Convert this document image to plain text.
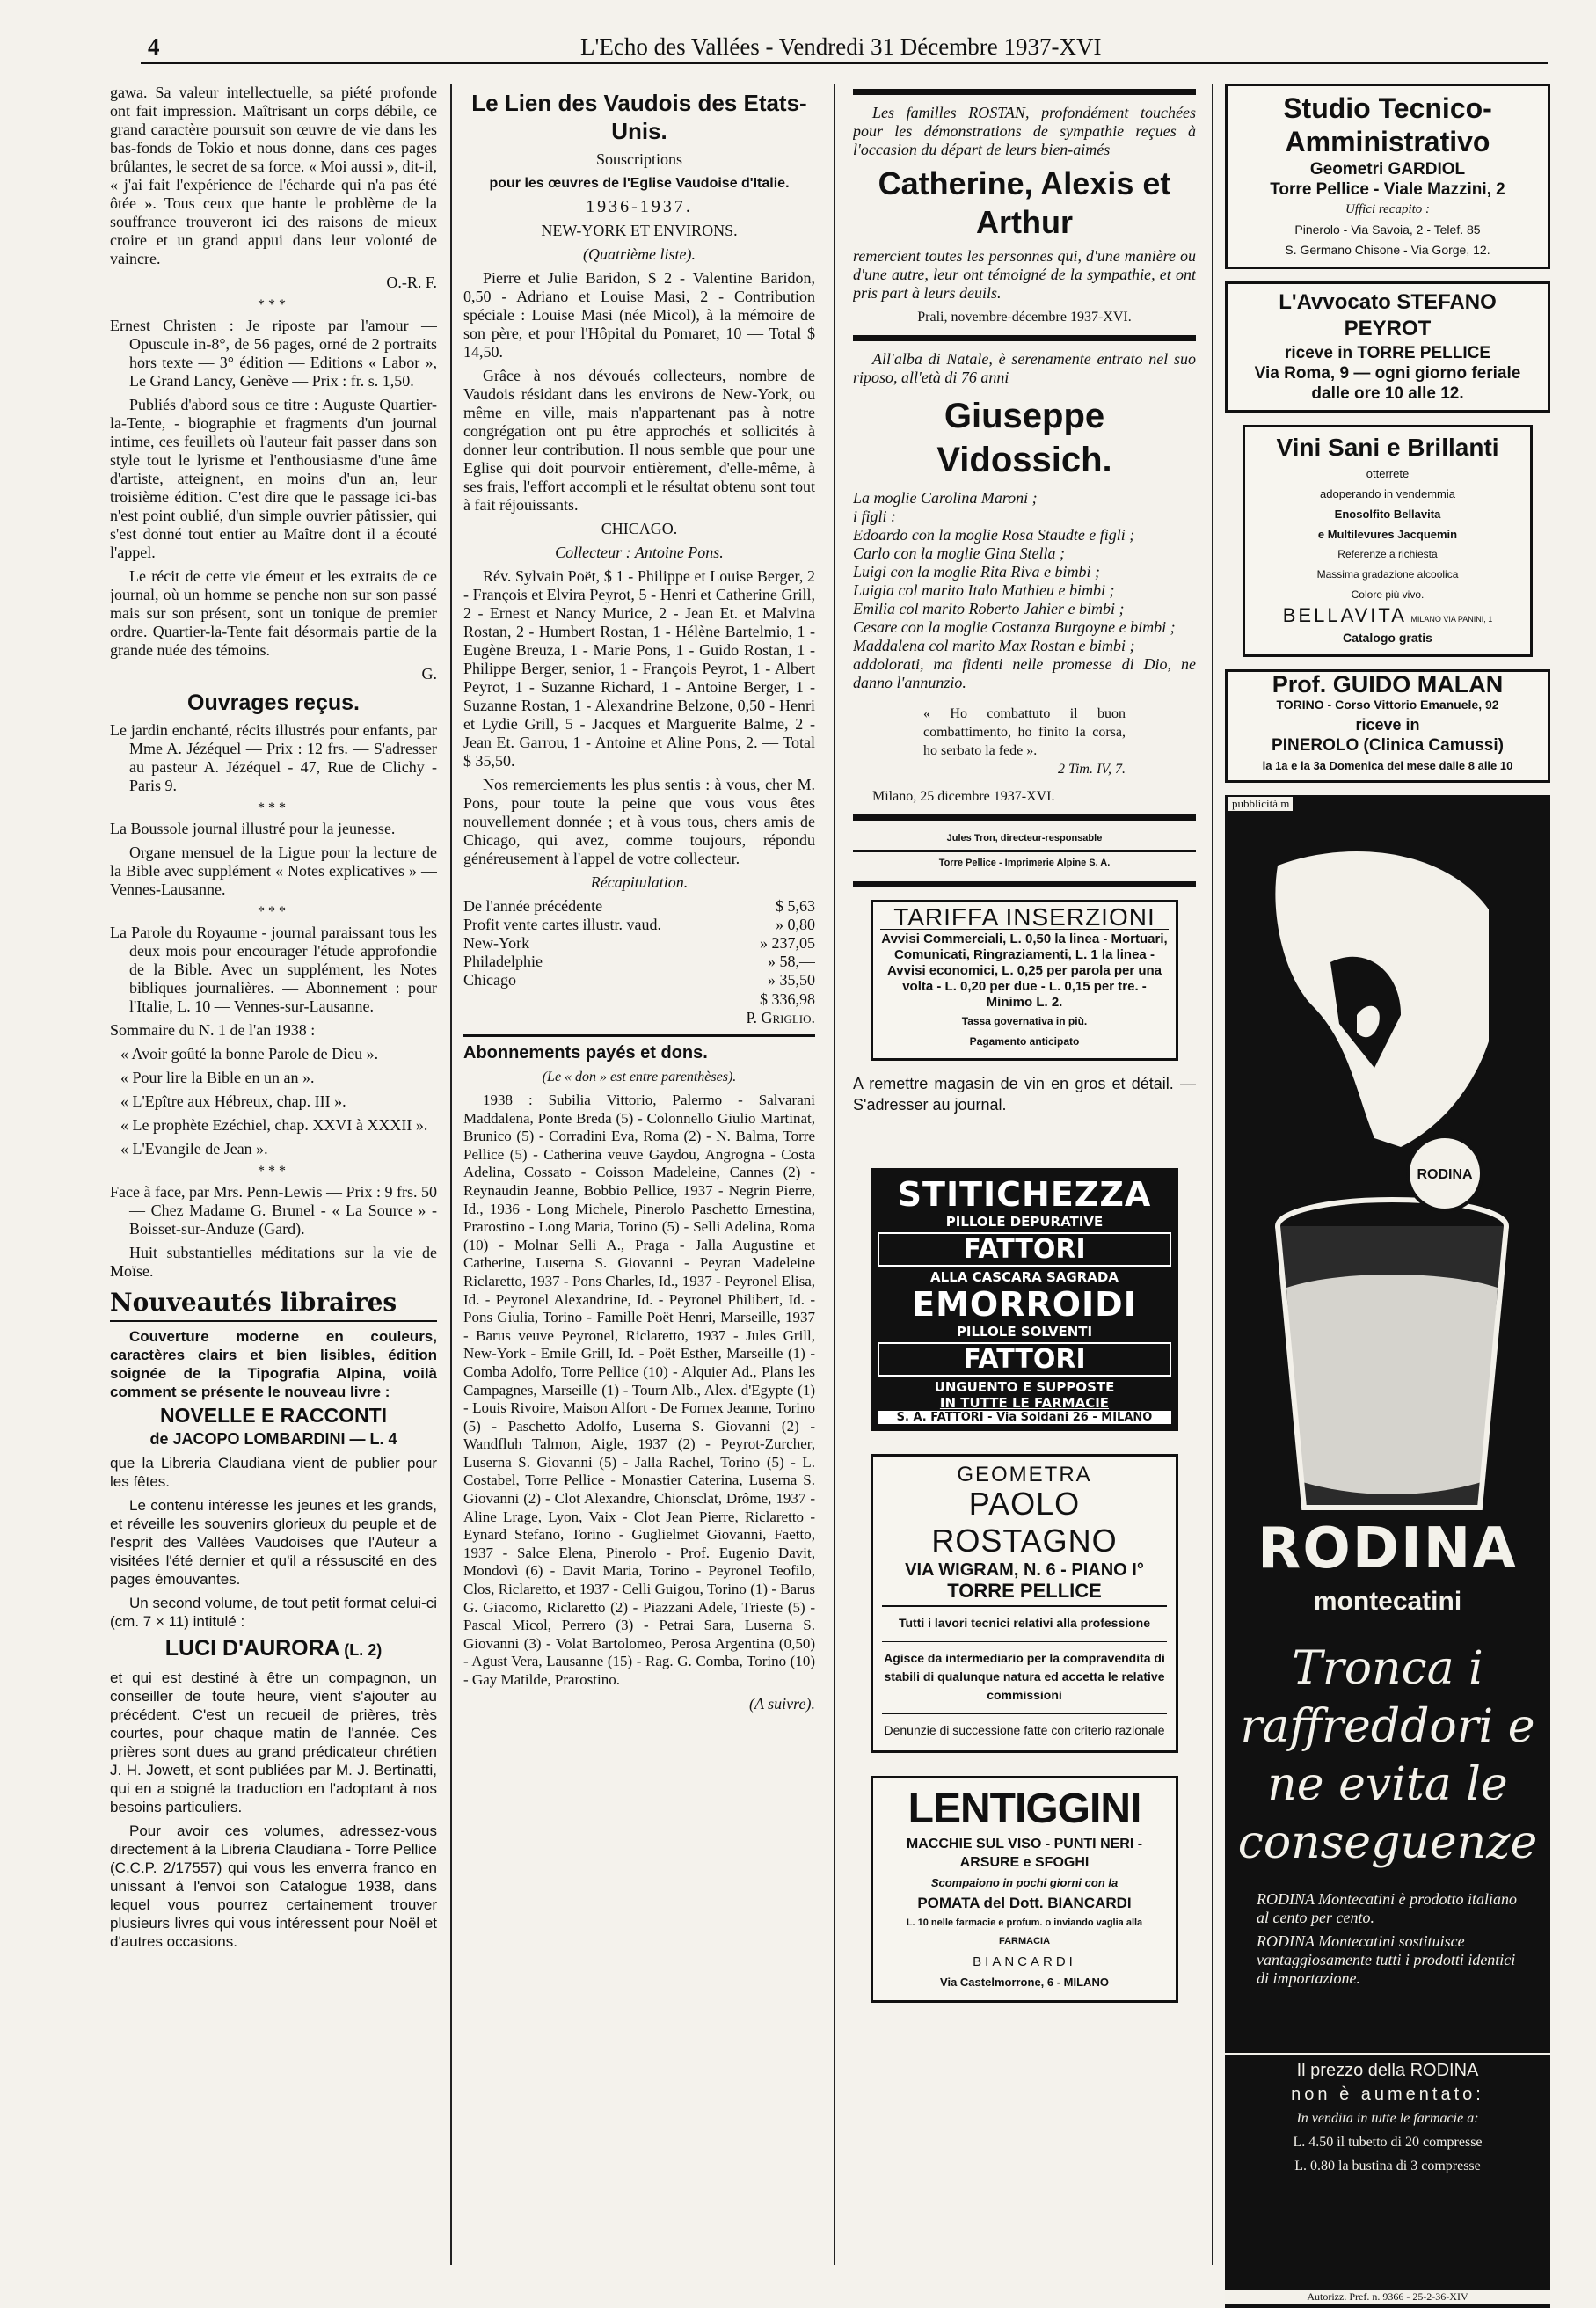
4	L'Echo des Vallées - Vendredi 31 Décembre 1937-XVI

gawa. Sa valeur intellectuelle, sa piété profonde ont fait impression. Maîtrisant un corps débile, ce grand caractère poursuit son œuvre de vie dans les bas-fonds de Tokio et nous donne, dans ces pages brûlantes, le secret de sa force. « Moi aussi », dit-il, « j'ai fait l'expérience de l'écharde qui n'a pas été ôtée ». Tous ceux que hante le problème de la souffrance trouveront ici des raisons de mieux croire et un grand appui dans leur volonté de vaincre.

O.-R. F.

***

Ernest Christen : Je riposte par l'amour — Opuscule in-8°, de 56 pages, orné de 2 portraits hors texte — 3° édition — Editions « Labor », Le Grand Lancy, Genève — Prix : fr. s. 1,50.

Publiés d'abord sous ce titre : Auguste Quartier-la-Tente, - biographie et fragments d'un journal intime, ces feuillets où l'auteur fait passer dans son style tout le lyrisme et l'enthousiasme d'une âme d'artiste, atteignent, en moins d'un an, leur troisième édition. C'est dire que le passage ici-bas n'est point oublié, d'un simple ouvrier pâtissier, qui s'est donné tout entier au Maître dont il a écouté l'appel.

Le récit de cette vie émeut et les extraits de ce journal, où un homme se penche non sur son passé mais sur son présent, sont un tonique de premier ordre. Quartier-la-Tente fait désormais partie de la grande nuée des témoins.

G.

Ouvrages reçus.

Le jardin enchanté, récits illustrés pour enfants, par Mme A. Jézéquel — Prix : 12 frs. — S'adresser au pasteur A. Jézéquel - 47, Rue de Clichy - Paris 9.

***

La Boussole journal illustré pour la jeunesse.

Organe mensuel de la Ligue pour la lecture de la Bible avec supplément « Notes explicatives » — Vennes-Lausanne.

***

La Parole du Royaume - journal paraissant tous les deux mois pour encourager l'étude approfondie de la Bible. Avec un supplément, les Notes bibliques journalières. — Abonnement : pour l'Italie, L. 10 — Vennes-sur-Lausanne.

Sommaire du N. 1 de l'an 1938 :

« Avoir goûté la bonne Parole de Dieu ».

« Pour lire la Bible en un an ».

« L'Epître aux Hébreux, chap. III ».

« Le prophète Ezéchiel, chap. XXVI à XXXII ».

« L'Evangile de Jean ».

***

Face à face, par Mrs. Penn-Lewis — Prix : 9 frs. 50 — Chez Madame G. Brunel - « La Source » - Boisset-sur-Anduze (Gard).

Huit substantielles méditations sur la vie de Moïse.

Nouveautés libraires

Couverture moderne en couleurs, caractères clairs et bien lisibles, édition soignée de la Tipografia Alpina, voilà comment se présente le nouveau livre :

NOVELLE E RACCONTI

de JACOPO LOMBARDINI — L. 4

que la Libreria Claudiana vient de publier pour les fêtes.

Le contenu intéresse les jeunes et les grands, et réveille les souvenirs glorieux du peuple et de l'esprit des Vallées Vaudoises que l'Auteur a visitées l'été dernier et qu'il a réssuscité en des pages émouvantes.

Un second volume, de tout petit format celui-ci (cm. 7 × 11) intitulé :

LUCI D'AURORA (L. 2)

et qui est destiné à être un compagnon, un conseiller de toute heure, vient s'ajouter au précédent. C'est un recueil de prières, très courtes, pour chaque matin de l'année. Ces prières sont dues au grand prédicateur chrétien J. H. Jowett, et sont publiées par M. J. Bertinatti, qui en a soigné la traduction en l'adoptant à nos besoins particuliers.

Pour avoir ces volumes, adressez-vous directement à la Libreria Claudiana - Torre Pellice (C.C.P. 2/17557) qui vous les enverra franco en unissant à l'envoi son Catalogue 1938, dans lequel vous pourrez certainement trouver plusieurs livres qui vous intéressent pour Noël et d'autres occasions.

Le Lien des Vaudois des Etats-Unis.

Souscriptions

pour les œuvres de l'Eglise Vaudoise d'Italie.

1936-1937.

NEW-YORK ET ENVIRONS.

(Quatrième liste).

Pierre et Julie Baridon, $ 2 - Valentine Baridon, 0,50 - Adriano et Louise Masi, 2 - Contribution spéciale : Louise Masi (née Micol), à la mémoire de son père, et pour l'Hôpital du Pomaret, 10 — Total $ 14,50.

Grâce à nos dévoués collecteurs, nombre de Vaudois résidant dans les environs de New-York, ou même en ville, mais n'appartenant pas à notre congrégation ont pu être approchés et sollicités à donner leur contribution. Il nous semble que pour une Eglise qui doit pourvoir entièrement, d'elle-même, à ses frais, l'effort accompli et le résultat obtenu sont tout à fait réjouissants.

CHICAGO.

Collecteur : Antoine Pons.

Rév. Sylvain Poët, $ 1 - Philippe et Louise Berger, 2 - François et Elvira Peyrot, 5 - Henri et Catherine Grill, 2 - Ernest et Nancy Murice, 2 - Jean Et. et Malvina Rostan, 2 - Humbert Rostan, 1 - Hélène Bartelmio, 1 - Eugène Breuza, 1 - Marie Pons, 1 - Guido Rostan, 1 - Philippe Berger, senior, 1 - François Peyrot, 1 - Albert Peyrot, 1 - Suzanne Richard, 1 - Antoine Berger, 1 - Suzanne Rostan, 1 - Alexandrine Belzone, 0,50 - Henri et Lydie Grill, 5 - Jacques et Marguerite Balme, 2 - Jean Et. Garrou, 1 - Antoine et Aline Pons, 2. — Total $ 35,50.

Nos remerciements les plus sentis : à vous, cher M. Pons, pour toute la peine que vous vous êtes nouvellement donnée ; et à vous tous, chers amis de Chicago, qui avez, comme toujours, répondu généreusement à l'appel de votre collecteur.

Récapitulation.

De l'année précédente	$ 5,63
Profit vente cartes illustr. vaud.	» 0,80
New-York	» 237,05
Philadelphie	» 58,—
Chicago	» 35,50
	$ 336,98

P. Griglio.

Abonnements payés et dons.

(Le « don » est entre parenthèses).

1938 : Subilia Vittorio, Palermo - Salvarani Maddalena, Ponte Breda (5) - Colonnello Giulio Martinat, Brunico (5) - Corradini Eva, Roma (2) - N. Balma, Torre Pellice (5) - Catherina veuve Gaydou, Angrogna - Costa Adelina, Cossato - Coisson Madeleine, Cannes (2) - Reynaudin Jeanne, Bobbio Pellice, 1937 - Negrin Pierre, Id., 1936 - Long Michele, Pinerolo Paschetto Ernestina, Prarostino - Long Maria, Torino (5) - Selli Adelina, Roma (10) - Molnar Selli A., Praga - Jalla Augustine et Catherine, Luserna S. Giovanni - Peyran Madeleine Riclaretto, 1937 - Pons Charles, Id., 1937 - Peyronel Elisa, Id. - Peyronel Alexandrine, Id. - Peyronel Philibert, Id. - Pons Giulia, Torino - Famille Poët Henri, Marseille, 1937 - Barus veuve Peyronel, Riclaretto, 1937 - Jules Grill, New-York - Emile Grill, Id. - Poët Esther, Marseille (1) - Comba Adolfo, Torre Pellice (10) - Alquier Ad., Plans les Campagnes, Marseille (1) - Tourn Alb., Alex. d'Egypte (1) - Louis Rivoire, Maison Alfort - De Fornex Jeanne, Torino (5) - Paschetto Adolfo, Luserna S. Giovanni (2) - Wandfluh Talmon, Aigle, 1937 (2) - Peyrot-Zurcher, Luserna S. Giovanni (5) - Jalla Rachel, Torino (5) - L. Costabel, Torre Pellice - Monastier Caterina, Luserna S. Giovanni (2) - Clot Alexandre, Chionsclat, Drôme, 1937 - Aline Lrage, Lyon, Vaix - Clot Jean Pierre, Riclaretto - Eynard Stefano, Torino - Guglielmet Giovanni, Faetto, 1937 - Salce Elena, Pinerolo - Prof. Eugenio Davit, Mondovì (6) - Davit Maria, Torino - Peyronel Teofilo, Clos, Riclaretto, et 1937 - Celli Guigou, Torino (1) - Barus G. Giacomo, Riclaretto (2) - Piazzani Adele, Trieste (5) - Pascal Micol, Perrero (3) - Petrai Sara, Luserna S. Giovanni (3) - Volat Bartolomeo, Perosa Argentina (0,50) - Agust Vera, Lausanne (15) - Rag. G. Comba, Torino (10) - Gay Matilde, Prarostino.

(A suivre).

Les familles ROSTAN, profondément touchées pour les démonstrations de sympathie reçues à l'occasion du départ de leurs bien-aimés

Catherine, Alexis et Arthur

remercient toutes les personnes qui, d'une manière ou d'une autre, leur ont témoigné de la sympathie, et ont pris part à leurs deuils.

Prali, novembre-décembre 1937-XVI.

All'alba di Natale, è serenamente entrato nel suo riposo, all'età di 76 anni

Giuseppe Vidossich.

La moglie Carolina Maroni ;

i figli :

Edoardo con la moglie Rosa Staudte e figli ;

Carlo con la moglie Gina Stella ;

Luigi con la moglie Rita Riva e bimbi ;

Luigia col marito Italo Mathieu e bimbi ;

Emilia col marito Roberto Jahier e bimbi ;

Cesare con la moglie Costanza Burgoyne e bimbi ;

Maddalena col marito Max Rostan e bimbi ;

addolorati, ma fidenti nelle promesse di Dio, ne danno l'annunzio.

« Ho combattuto il buon combattimento, ho finito la corsa, ho serbato la fede ».

2 Tim. IV, 7.

Milano, 25 dicembre 1937-XVI.

Jules Tron, directeur-responsable

Torre Pellice - Imprimerie Alpine S. A.

TARIFFA INSERZIONI

Avvisi Commerciali, L. 0,50 la linea - Mortuari, Comunicati, Ringraziamenti, L. 1 la linea - Avvisi economici, L. 0,25 per parola per una volta - L. 0,20 per due - L. 0,15 per tre. - Minimo L. 2.

Tassa governativa in più.

Pagamento anticipato

A remettre magasin de vin en gros et détail. — S'adresser au journal.

STITICHEZZA
PILLOLE DEPURATIVE
FATTORI
ALLA CASCARA SAGRADA
EMORROIDI
PILLOLE SOLVENTI
FATTORI
UNGUENTO E SUPPOSTE
IN TUTTE LE FARMACIE
S. A. FATTORI - Via Soldani 26 - MILANO

GEOMETRA

PAOLO ROSTAGNO

VIA WIGRAM, N. 6 - PIANO I°

TORRE PELLICE

Tutti i lavori tecnici relativi alla professione

Agisce da intermediario per la compravendita di stabili di qualunque natura ed accetta le relative commissioni

Denunzie di successione fatte con criterio razionale

LENTIGGINI

MACCHIE SUL VISO - PUNTI NERI - ARSURE e SFOGHI

Scompaiono in pochi giorni con la

POMATA del Dott. BIANCARDI

L. 10 nelle farmacie e profum. o inviando vaglia alla FARMACIA

BIANCARDI

Via Castelmorrone, 6 - MILANO

Studio Tecnico-Amministrativo

Geometri GARDIOL

Torre Pellice - Viale Mazzini, 2

Uffici recapito :

Pinerolo - Via Savoia, 2 - Telef. 85

S. Germano Chisone - Via Gorge, 12.

L'Avvocato STEFANO PEYROT

riceve in TORRE PELLICE

Via Roma, 9 — ogni giorno feriale

dalle ore 10 alle 12.

Vini Sani e Brillanti

otterrete

adoperando in vendemmia

Enosolfito Bellavita

e Multilevures Jacquemin

Referenze a richiesta

Massima gradazione alcoolica

Colore più vivo.

BELLAVITA MILANO VIA PANINI, 1

Catalogo gratis

Prof. GUIDO MALAN

TORINO - Corso Vittorio Emanuele, 92

riceve in

PINEROLO (Clinica Camussi)

la 1a e la 3a Domenica del mese dalle 8 alle 10

pubblicità m
RODINA
RODINA
montecatini
Tronca i raffreddori e ne evita le conseguenze

RODINA Montecatini è prodotto italiano al cento per cento.

RODINA Montecatini sostituisce vantaggiosamente tutti i prodotti identici di importazione.

Il prezzo della RODINA

non è aumentato:

In vendita in tutte le farmacie a:

L. 4.50 il tubetto di 20 compresse

L. 0.80 la bustina di 3 compresse

Autorizz. Pref. n. 9366 - 25-2-36-XIV
